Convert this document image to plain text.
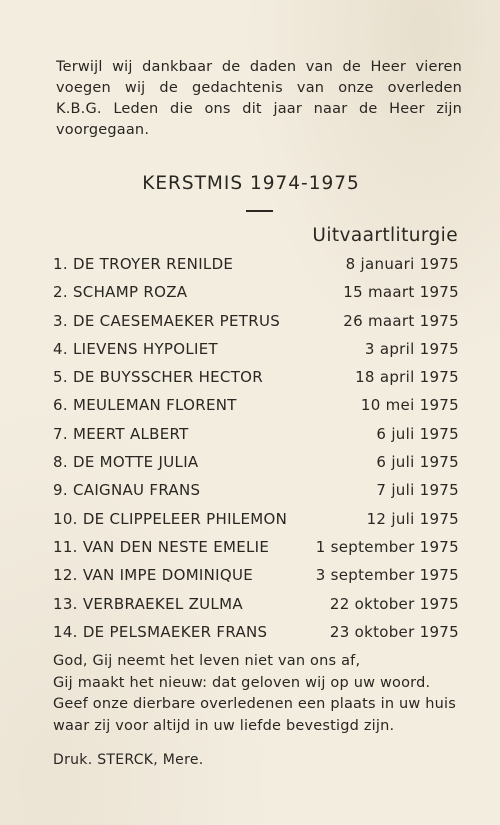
Terwijl wij dankbaar de daden van de Heer vieren
voegen wij de gedachtenis van onze overleden
K.B.G. Leden die ons dit jaar naar de Heer zijn
voorgegaan.
KERSTMIS 1974-1975
Uitvaartliturgie
1. DE TROYER RENILDE	8 januari 1975
2. SCHAMP ROZA	15 maart 1975
3. DE CAESEMAEKER PETRUS	26 maart 1975
4. LIEVENS HYPOLIET	3 april 1975
5. DE BUYSSCHER HECTOR	18 april 1975
6. MEULEMAN FLORENT	10 mei 1975
7. MEERT ALBERT	6 juli 1975
8. DE MOTTE JULIA	6 juli 1975
9. CAIGNAU FRANS	7 juli 1975
10. DE CLIPPELEER PHILEMON	12 juli 1975
11. VAN DEN NESTE EMELIE	1 september 1975
12. VAN IMPE DOMINIQUE	3 september 1975
13. VERBRAEKEL ZULMA	22 oktober 1975
14. DE PELSMAEKER FRANS	23 oktober 1975
God, Gij neemt het leven niet van ons af,
Gij maakt het nieuw: dat geloven wij op uw woord.
Geef onze dierbare overledenen een plaats in uw huis
waar zij voor altijd in uw liefde bevestigd zijn.
Druk. STERCK, Mere.
